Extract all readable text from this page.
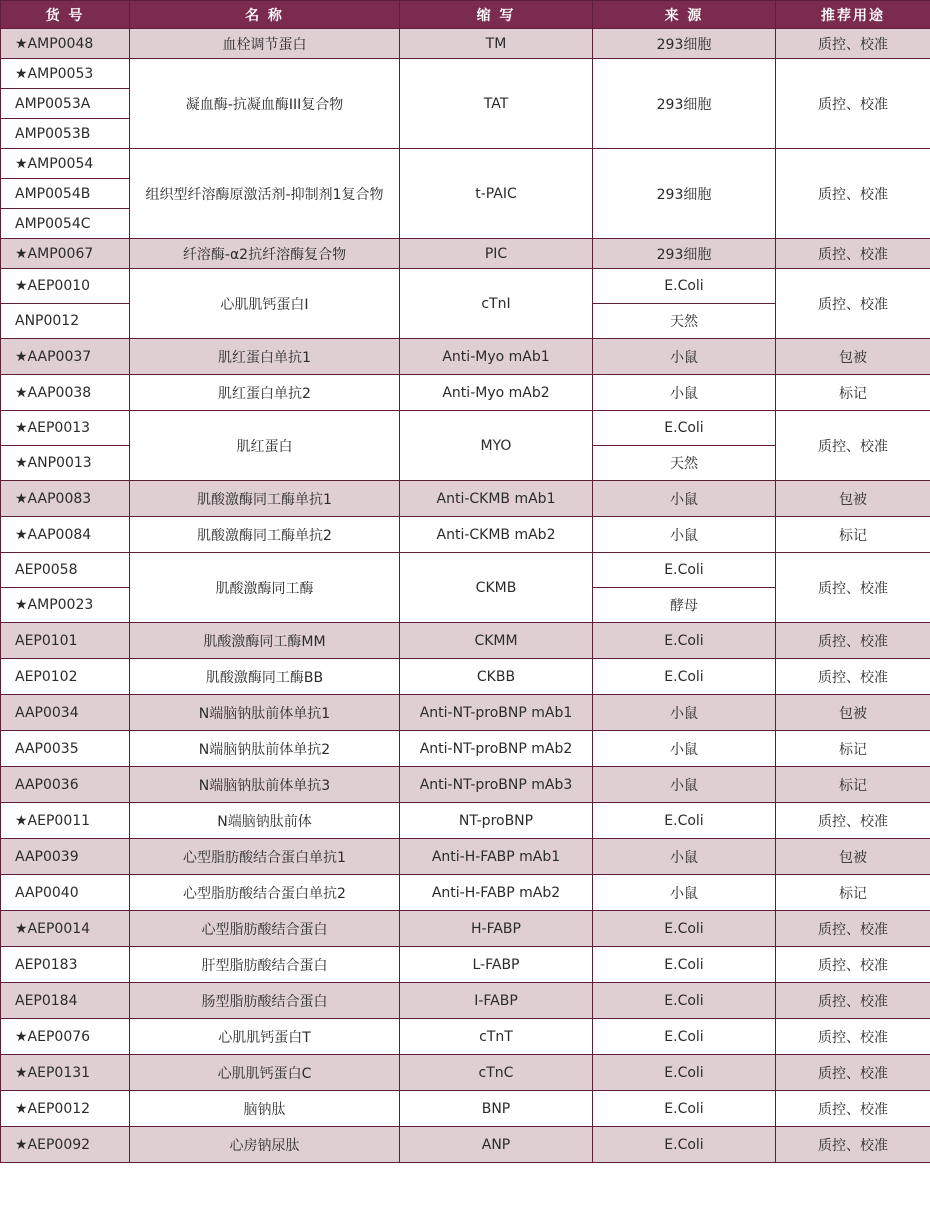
货 号	名 称	缩 写	来 源	推荐用途
★AMP0048	血栓调节蛋白	TM	293细胞	质控、校准
★AMP0053	凝血酶-抗凝血酶III复合物	TAT	293细胞	质控、校准
AMP0053A				
AMP0053B				
★AMP0054	组织型纤溶酶原激活剂-抑制剂1复合物	t-PAIC	293细胞	质控、校准
AMP0054B				
AMP0054C				
★AMP0067	纤溶酶-α2抗纤溶酶复合物	PIC	293细胞	质控、校准
★AEP0010	心肌肌钙蛋白I	cTnI	E.Coli	质控、校准
ANP0012			天然	
★AAP0037	肌红蛋白单抗1	Anti-Myo mAb1	小鼠	包被
★AAP0038	肌红蛋白单抗2	Anti-Myo mAb2	小鼠	标记
★AEP0013	肌红蛋白	MYO	E.Coli	质控、校准
★ANP0013			天然	
★AAP0083	肌酸激酶同工酶单抗1	Anti-CKMB mAb1	小鼠	包被
★AAP0084	肌酸激酶同工酶单抗2	Anti-CKMB mAb2	小鼠	标记
AEP0058	肌酸激酶同工酶	CKMB	E.Coli	质控、校准
★AMP0023			酵母	
AEP0101	肌酸激酶同工酶MM	CKMM	E.Coli	质控、校准
AEP0102	肌酸激酶同工酶BB	CKBB	E.Coli	质控、校准
AAP0034	N端脑钠肽前体单抗1	Anti-NT-proBNP mAb1	小鼠	包被
AAP0035	N端脑钠肽前体单抗2	Anti-NT-proBNP mAb2	小鼠	标记
AAP0036	N端脑钠肽前体单抗3	Anti-NT-proBNP mAb3	小鼠	标记
★AEP0011	N端脑钠肽前体	NT-proBNP	E.Coli	质控、校准
AAP0039	心型脂肪酸结合蛋白单抗1	Anti-H-FABP mAb1	小鼠	包被
AAP0040	心型脂肪酸结合蛋白单抗2	Anti-H-FABP mAb2	小鼠	标记
★AEP0014	心型脂肪酸结合蛋白	H-FABP	E.Coli	质控、校准
AEP0183	肝型脂肪酸结合蛋白	L-FABP	E.Coli	质控、校准
AEP0184	肠型脂肪酸结合蛋白	I-FABP	E.Coli	质控、校准
★AEP0076	心肌肌钙蛋白T	cTnT	E.Coli	质控、校准
★AEP0131	心肌肌钙蛋白C	cTnC	E.Coli	质控、校准
★AEP0012	脑钠肽	BNP	E.Coli	质控、校准
★AEP0092	心房钠尿肽	ANP	E.Coli	质控、校准
